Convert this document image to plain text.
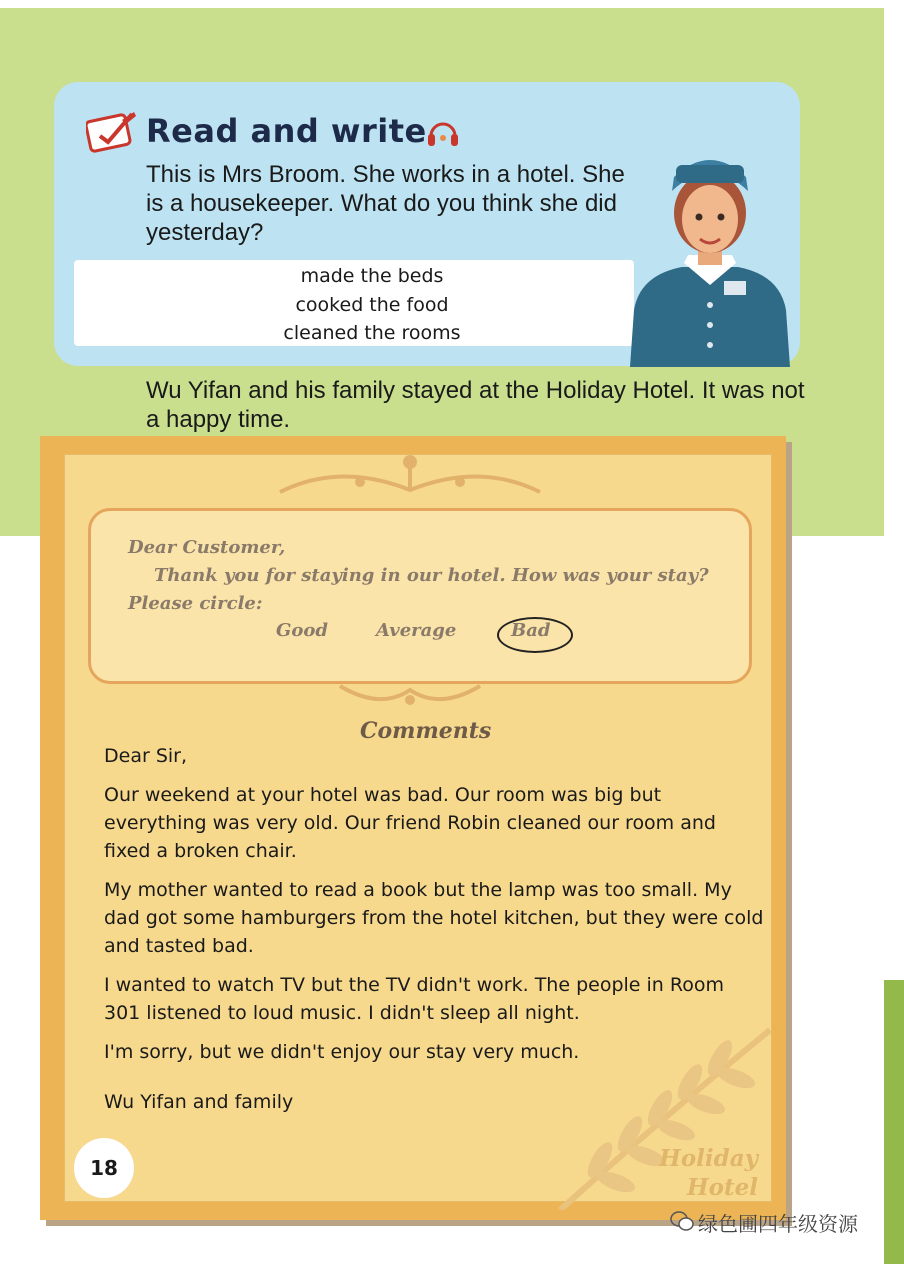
Read and write
This is Mrs Broom. She works in a hotel. She is a housekeeper. What do you think she did yesterday?
made the beds
cooked the food
cleaned the rooms
Wu Yifan and his family stayed at the Holiday Hotel. It was not a happy time.
Dear Customer,
Thank you for staying in our hotel. How was your stay?
Please circle:
Good	Average	Bad
Comments

Dear Sir,

Our weekend at your hotel was bad. Our room was big but everything was very old. Our friend Robin cleaned our room and fixed a broken chair.

My mother wanted to read a book but the lamp was too small. My dad got some hamburgers from the hotel kitchen, but they were cold and tasted bad.

I wanted to watch TV but the TV didn't work. The people in Room 301 listened to loud music. I didn't sleep all night.

I'm sorry, but we didn't enjoy our stay very much.

Wu Yifan and family

Holiday
Hotel
18
绿色圃四年级资源
